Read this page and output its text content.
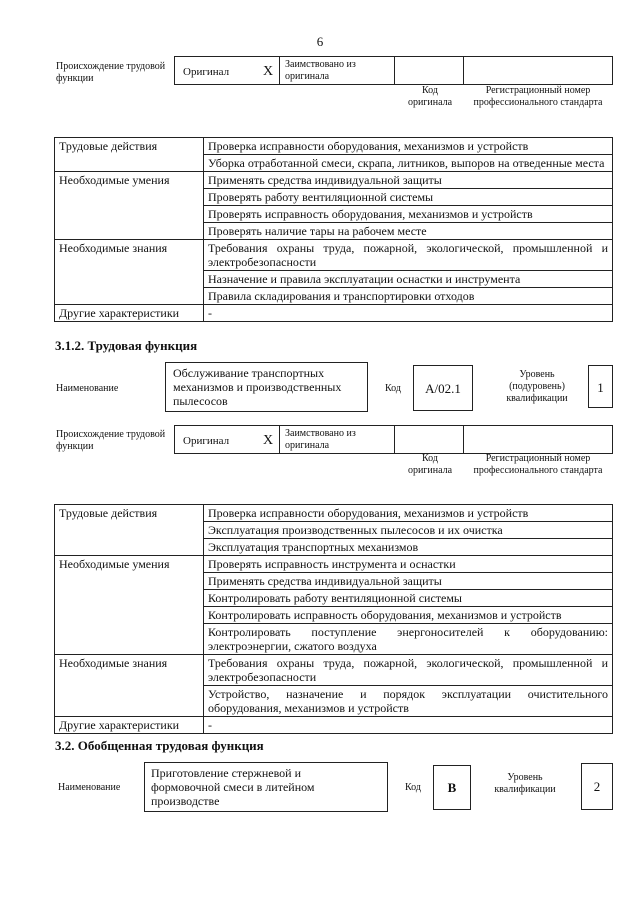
6
Происхождение трудовой функции
Оригинал X Заимствовано из оригинала
Код оригинала
Регистрационный номер профессионального стандарта
Трудовые действия	Проверка исправности оборудования, механизмов и устройств
	Уборка отработанной смеси, скрапа, литников, выпоров на отведенные места
Необходимые умения	Применять средства индивидуальной защиты
	Проверять работу вентиляционной системы
	Проверять исправность оборудования, механизмов и устройств
	Проверять наличие тары на рабочем месте
Необходимые знания	Требования охраны труда, пожарной, экологической, промышленной и электробезопасности
	Назначение и правила эксплуатации оснастки и инструмента
	Правила складирования и транспортировки отходов
Другие характеристики	-
3.1.2. Трудовая функция
Наименование
Обслуживание транспортных механизмов и производственных пылесосов
Код	A/02.1
Уровень (подуровень) квалификации
1
Происхождение трудовой функции	Оригинал X Заимствовано из оригинала
Код оригинала
Регистрационный номер профессионального стандарта
Трудовые действия	Проверка исправности оборудования, механизмов и устройств
	Эксплуатация производственных пылесосов и их очистка
	Эксплуатация транспортных механизмов
Необходимые умения	Проверять исправность инструмента и оснастки
	Применять средства индивидуальной защиты
	Контролировать работу вентиляционной системы
	Контролировать исправность оборудования, механизмов и устройств
	Контролировать поступление энергоносителей к оборудованию: электроэнергии, сжатого воздуха
Необходимые знания	Требования охраны труда, пожарной, экологической, промышленной и электробезопасности
	Устройство, назначение и порядок эксплуатации очистительного оборудования, механизмов и устройств
Другие характеристики	-
3.2. Обобщенная трудовая функция
Наименование
Приготовление стержневой и формовочной смеси в литейном производстве
Код	B
Уровень квалификации	2
